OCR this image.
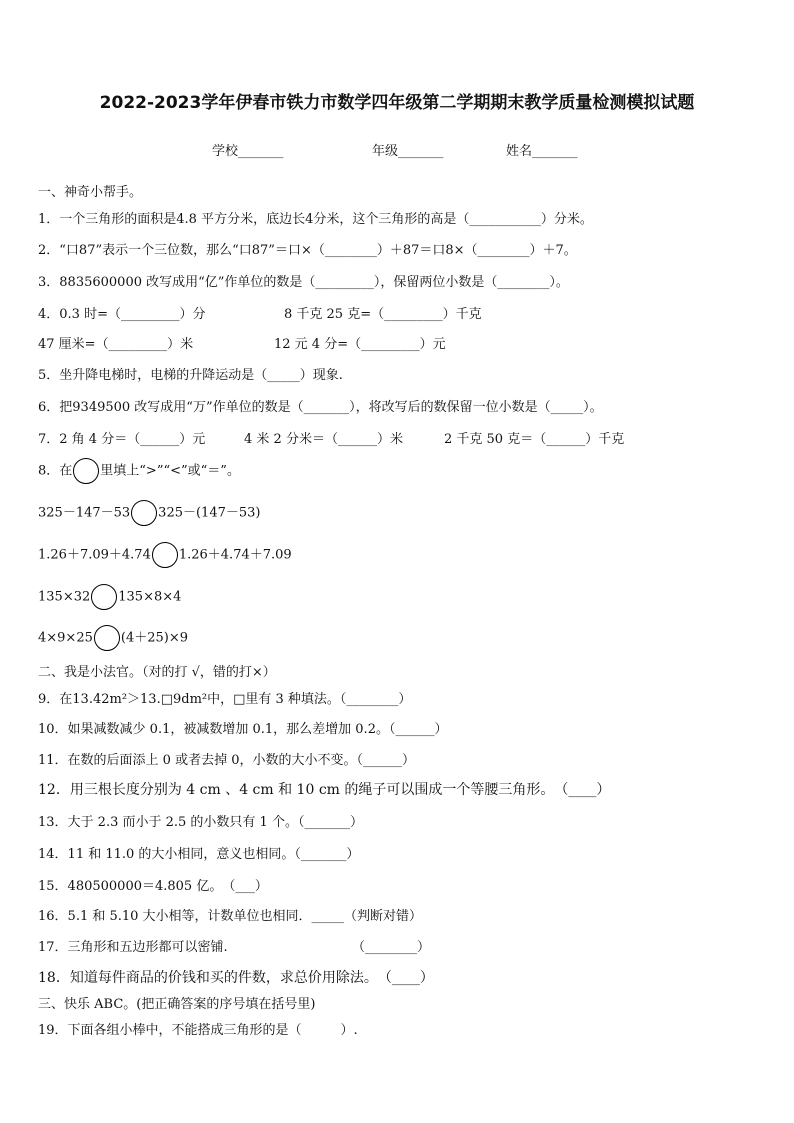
2022-2023学年伊春市铁力市数学四年级第二学期期末教学质量检测模拟试题
学校_______	年级_______	姓名_______
一、神奇小帮手。
1．一个三角形的面积是4.8 平方分米，底边长4分米，这个三角形的高是（___________）分米。
2．“口87”表示一个三位数，那么“口87”＝口×（________）＋87＝口8×（________）＋7。
3．8835600000 改写成用“亿”作单位的数是（_________），保留两位小数是（________）。
4．0.3 时=（_________）分	8 千克 25 克=（_________）千克
47 厘米=（_________）米	12 元 4 分=（_________）元
5．坐升降电梯时，电梯的升降运动是（_____）现象.
6．把9349500 改写成用“万”作单位的数是（_______），将改写后的数保留一位小数是（_____）。
7．2 角 4 分＝（______）元	4 米 2 分米＝（______）米	2 千克 50 克＝（______）千克
8．在 里填上“>”“<”或“＝”。
325－147－53 325－(147－53)
1.26＋7.09＋4.74 1.26＋4.74＋7.09
135×32 135×8×4
4×9×25 (4＋25)×9
二、我是小法官。（对的打 √，错的打×）
9．在13.42m²＞13.□9dm²中，□里有 3 种填法。（________）
10．如果减数减少 0.1，被减数增加 0.1，那么差增加 0.2。（______）
11．在数的后面添上 0 或者去掉 0，小数的大小不变。（______）
12．用三根长度分别为 4 cm 、4 cm 和 10 cm 的绳子可以围成一个等腰三角形。　（____）
13．大于 2.3 而小于 2.5 的小数只有 1 个。（_______）
14．11 和 11.0 的大小相同，意义也相同。（_______）
15．480500000＝4.805 亿。　（___）
16．5.1 和 5.10 大小相等，计数单位也相同．_____（判断对错）
17．三角形和五边形都可以密铺.	（________）
18．知道每件商品的价钱和买的件数，求总价用除法。　（____）
三、快乐 ABC。(把正确答案的序号填在括号里)
19．下面各组小棒中，不能搭成三角形的是（　　　）.
